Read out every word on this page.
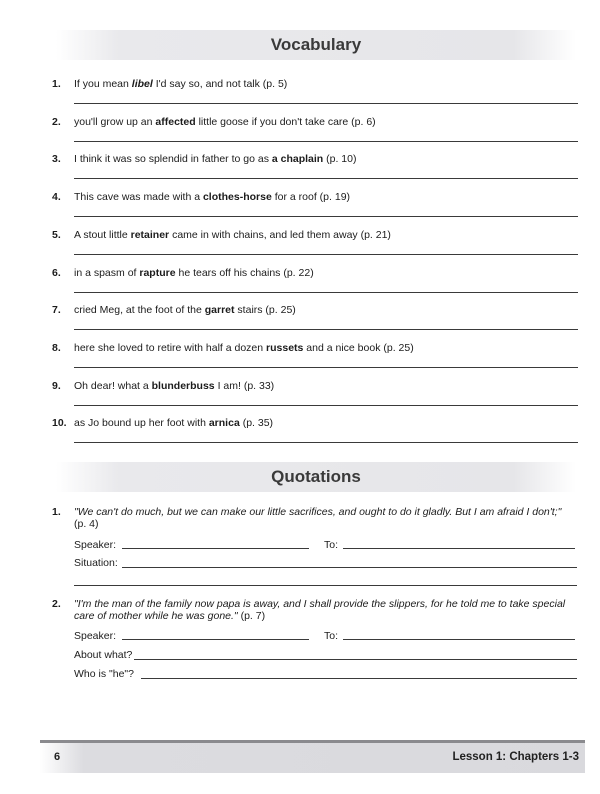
Vocabulary
1.	If you mean libel I'd say so, and not talk (p. 5)
2.	you'll grow up an affected little goose if you don't take care (p. 6)
3.	I think it was so splendid in father to go as a chaplain (p. 10)
4.	This cave was made with a clothes-horse for a roof (p. 19)
5.	A stout little retainer came in with chains, and led them away (p. 21)
6.	in a spasm of rapture he tears off his chains (p. 22)
7.	cried Meg, at the foot of the garret stairs (p. 25)
8.	here she loved to retire with half a dozen russets and a nice book (p. 25)
9.	Oh dear! what a blunderbuss I am! (p. 33)
10. as Jo bound up her foot with arnica (p. 35)
Quotations
1. "We can't do much, but we can make our little sacrifices, and ought to do it gladly. But I am afraid I don't;" (p. 4)
Speaker:	To:
Situation:
2. "I'm the man of the family now papa is away, and I shall provide the slippers, for he told me to take special care of mother while he was gone." (p. 7)
Speaker:	To:
About what?
Who is "he"?
6	Lesson 1: Chapters 1-3
